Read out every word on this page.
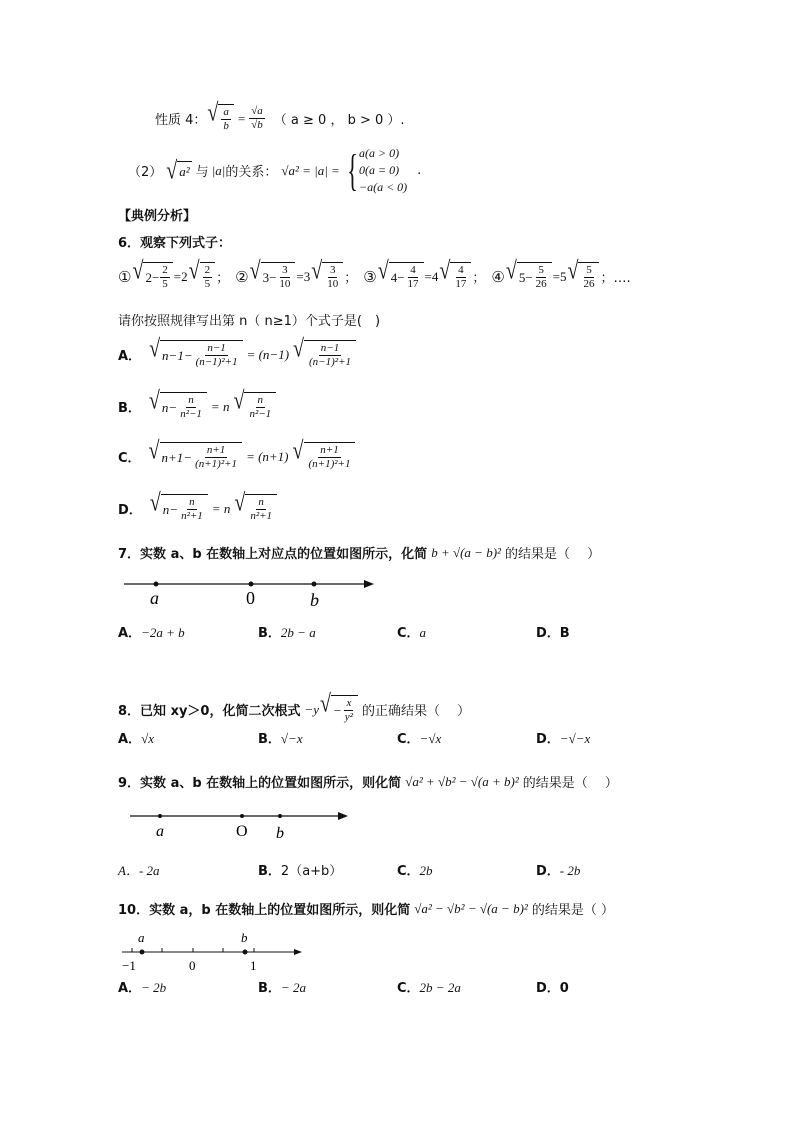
性质 4： √ $\frac{a}{b} = \frac{√a}{√b}$ （ a ≥ 0 ， b > 0 ）.
（2） √ a² 与 |a| 的关系： √a² = |a| = { a(a > 0)
0(a = 0)
−a(a < 0)
.
【典例分析】
6．观察下列式子：
① √ $2 - \frac{2}{5} = 2$ √ $\frac{2}{5}$ ； ② √ $3 - \frac{3}{10} = 3$ √ $\frac{3}{10}$ ； ③ √ $4 - \frac{4}{17} = 4$ √ $\frac{4}{17}$ ； ④ √ $5 - \frac{5}{26} = 5$ √ $\frac{5}{26}$ ；….
请你按照规律写出第 n（ n≥1）个式子是(　)
A． √ $n-1- \frac{n-1}{\text{(n−1)²+1}} = (n-1)$ √ $\frac{n-1}{\text{(n−1)²+1}}$
B． √ $n- \frac{n}{\text{n²−1}} = n$ √ $\frac{n}{\text{n²−1}}$
C． √ $n+1- \frac{n+1}{\text{(n+1)²+1}} = (n+1)$ √ $\frac{n+1}{\text{(n+1)²+1}}$
D． √ $n- \frac{n}{\text{n²+1}} = n$ √ $\frac{n}{\text{n²+1}}$
7．实数 a、b 在数轴上对应点的位置如图所示，化简 b + √(a − b)² 的结果是（　 ）
a	0	b
A．−2a + b	B．2b − a	C．a	D．B
8．已知 xy＞0，化简二次根式 −y √ − $\frac{x}{\text{y²}}$ 的正确结果（　 ）
A．√x	B．√−x	C．−√x	D．−√−x
9．实数 a、b 在数轴上的位置如图所示，则化简 √a² + √b² − √(a + b)² 的结果是（　 ）
a	O b
A．- 2a	B．2（a+b）	C．2b	D．- 2b
10．实数 a，b 在数轴上的位置如图所示，则化简 √a² − √b² − √(a − b)² 的结果是（ ）
a	b
−1	0	1
A．− 2b	B．− 2a	C．2b − 2a	D．0
